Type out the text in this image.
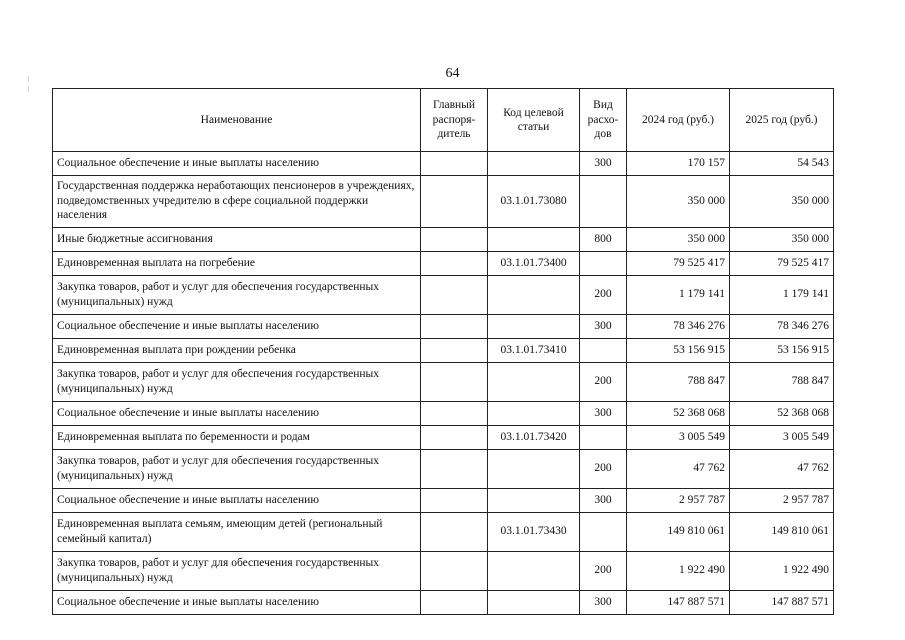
64
Наименование	Главный распоря-дитель	Код целевой статьи	Вид расхо-дов	2024 год (руб.)	2025 год (руб.)
Социальное обеспечение и иные выплаты населению			300	170 157	54 543
Государственная поддержка неработающих пенсионеров в учреждениях, подведомственных учредителю в сфере социальной поддержки населения		03.1.01.73080		350 000	350 000
Иные бюджетные ассигнования			800	350 000	350 000
Единовременная выплата на погребение		03.1.01.73400		79 525 417	79 525 417
Закупка товаров, работ и услуг для обеспечения государственных (муниципальных) нужд			200	1 179 141	1 179 141
Социальное обеспечение и иные выплаты населению			300	78 346 276	78 346 276
Единовременная выплата при рождении ребенка		03.1.01.73410		53 156 915	53 156 915
Закупка товаров, работ и услуг для обеспечения государственных (муниципальных) нужд			200	788 847	788 847
Социальное обеспечение и иные выплаты населению			300	52 368 068	52 368 068
Единовременная выплата по беременности и родам		03.1.01.73420		3 005 549	3 005 549
Закупка товаров, работ и услуг для обеспечения государственных (муниципальных) нужд			200	47 762	47 762
Социальное обеспечение и иные выплаты населению			300	2 957 787	2 957 787
Единовременная выплата семьям, имеющим детей (региональный семейный капитал)		03.1.01.73430		149 810 061	149 810 061
Закупка товаров, работ и услуг для обеспечения государственных (муниципальных) нужд			200	1 922 490	1 922 490
Социальное обеспечение и иные выплаты населению			300	147 887 571	147 887 571
